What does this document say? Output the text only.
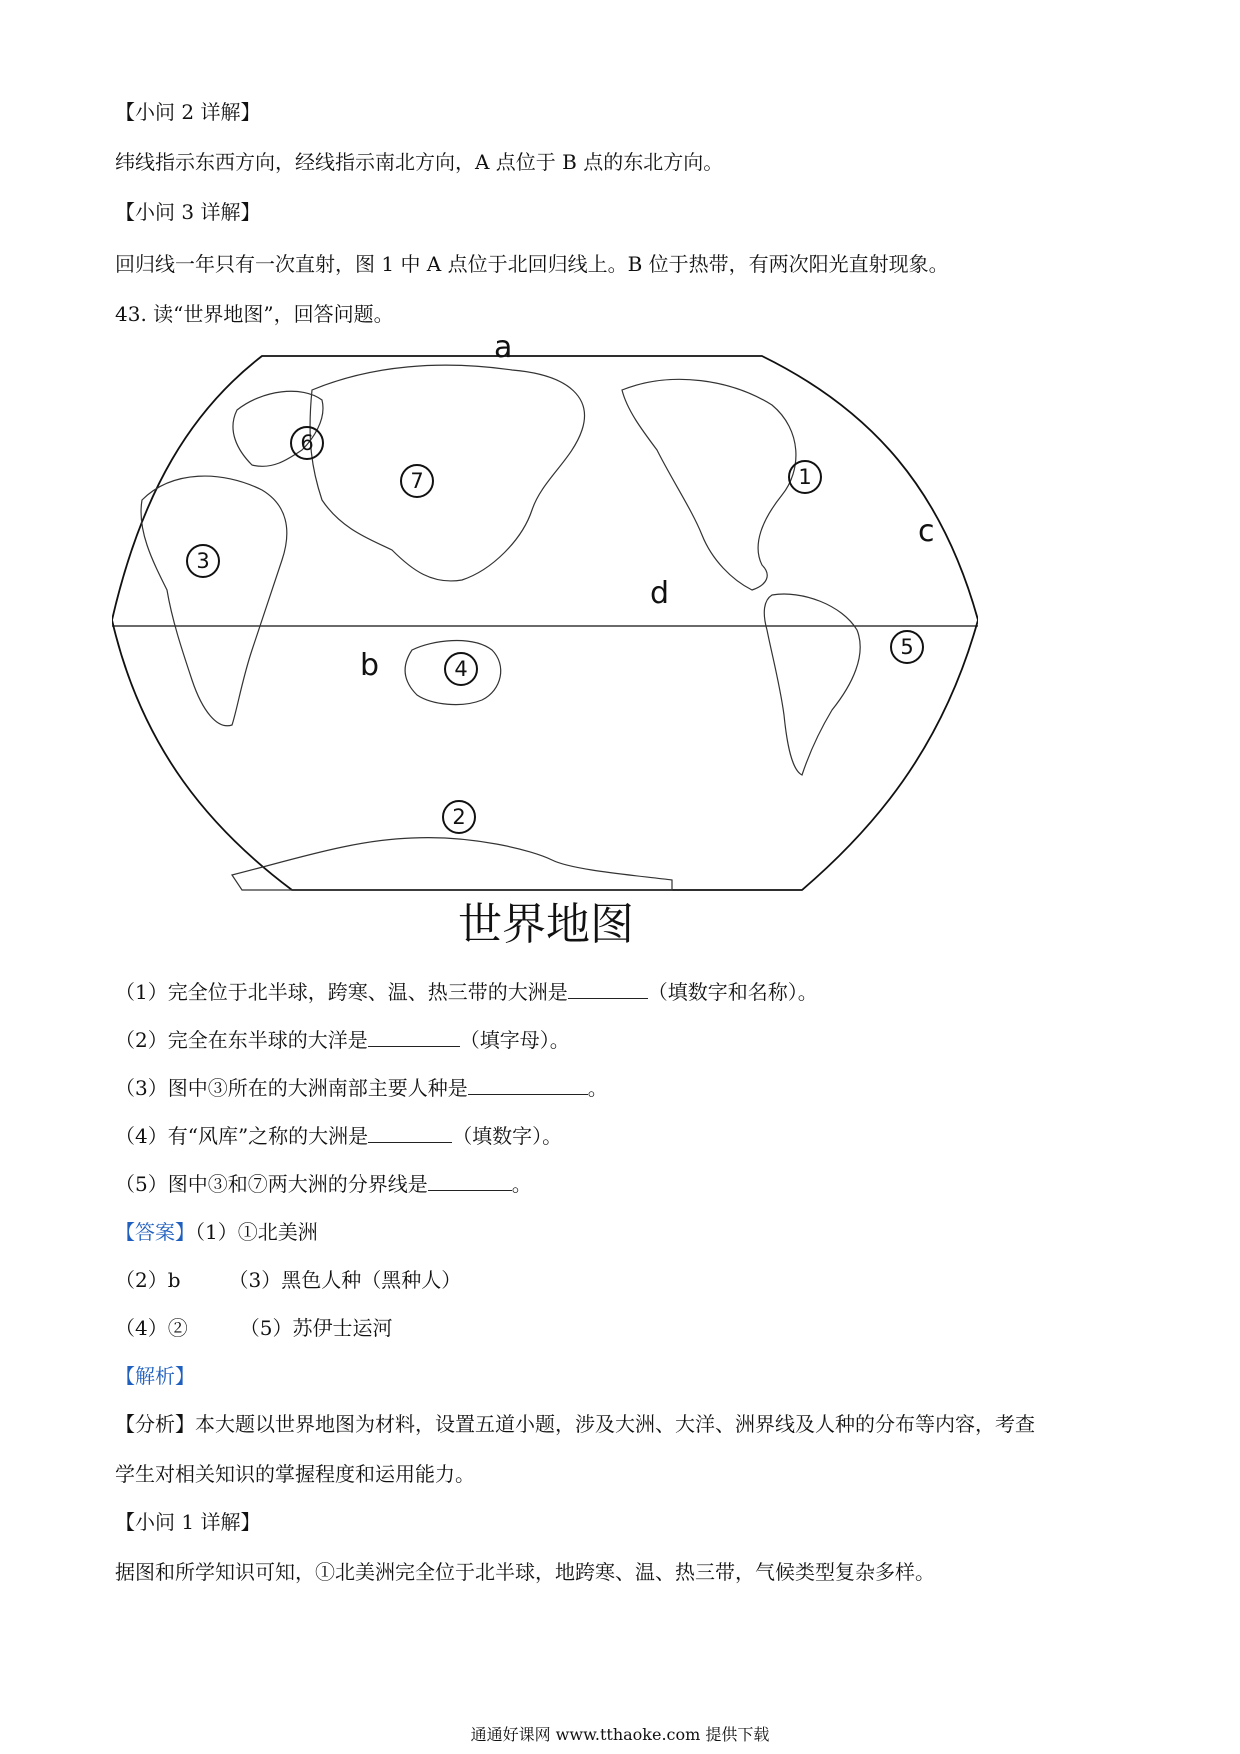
【小问 2 详解】
纬线指示东西方向，经线指示南北方向，A 点位于 B 点的东北方向。
【小问 3 详解】
回归线一年只有一次直射，图 1 中 A 点位于北回归线上。B 位于热带，有两次阳光直射现象。
43. 读“世界地图”，回答问题。
a
b
c
d
6
7	1
3
4
5
2
世界地图
（1）完全位于北半球，跨寒、温、热三带的大洲是	（填数字和名称）。
（2）完全在东半球的大洋是	（填字母）。
（3）图中③所在的大洲南部主要人种是	。
（4）有“风库”之称的大洲是	（填数字）。
（5）图中③和⑦两大洲的分界线是	。
【答案】（1）①北美洲
（2）b （3）黑色人种（黑种人）
（4）②	（5）苏伊士运河
【解析】
【分析】本大题以世界地图为材料，设置五道小题，涉及大洲、大洋、洲界线及人种的分布等内容，考查
学生对相关知识的掌握程度和运用能力。
【小问 1 详解】
据图和所学知识可知，①北美洲完全位于北半球，地跨寒、温、热三带，气候类型复杂多样。
通通好课网 www.tthaoke.com 提供下载
